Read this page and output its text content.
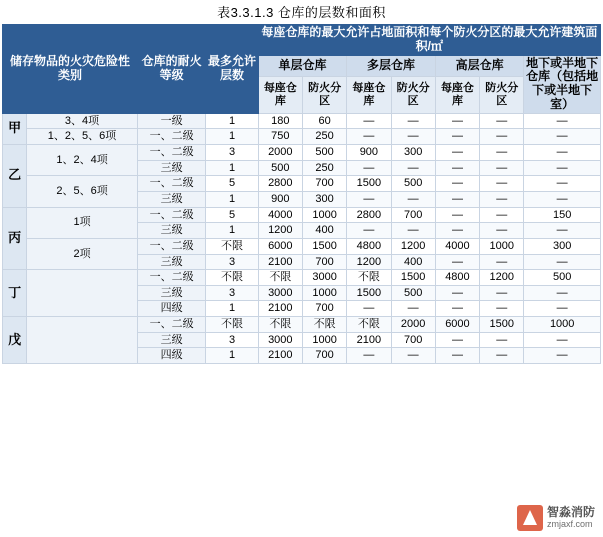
表3.3.1.3 仓库的层数和面积
储存物品的火灾危险性类别		仓库的耐火等级	最多允许层数	每座仓库的最大允许占地面积和每个防火分区的最大允许建筑面积/㎡						
				单层仓库		多层仓库		高层仓库		地下或半地下仓库（包括地下或半地下室）
				每座仓库	防火分区	每座仓库	防火分区	每座仓库	防火分区	
甲	3、4项	一级	1	180	60	—	—	—	—	—
	1、2、5、6项	一、二级	1	750	250	—	—	—	—	—
乙	1、2、4项	一、二级	3	2000	500	900	300	—	—	—
		三级	1	500	250	—	—	—	—	—
	2、5、6项	一、二级	5	2800	700	1500	500	—	—	—
		三级	1	900	300	—	—	—	—	—
丙	1项	一、二级	5	4000	1000	2800	700	—	—	150
		三级	1	1200	400	—	—	—	—	—
	2项	一、二级	不限	6000	1500	4800	1200	4000	1000	300
		三级	3	2100	700	1200	400	—	—	—
丁		一、二级	不限	不限	3000	不限	1500	4800	1200	500
		三级	3	3000	1000	1500	500	—	—	—
		四级	1	2100	700	—	—	—	—	—
戊		一、二级	不限	不限	不限	不限	2000	6000	1500	1000
		三级	3	3000	1000	2100	700	—	—	—
		四级	1	2100	700	—	—	—	—	—
智淼消防
zmjaxf.com
